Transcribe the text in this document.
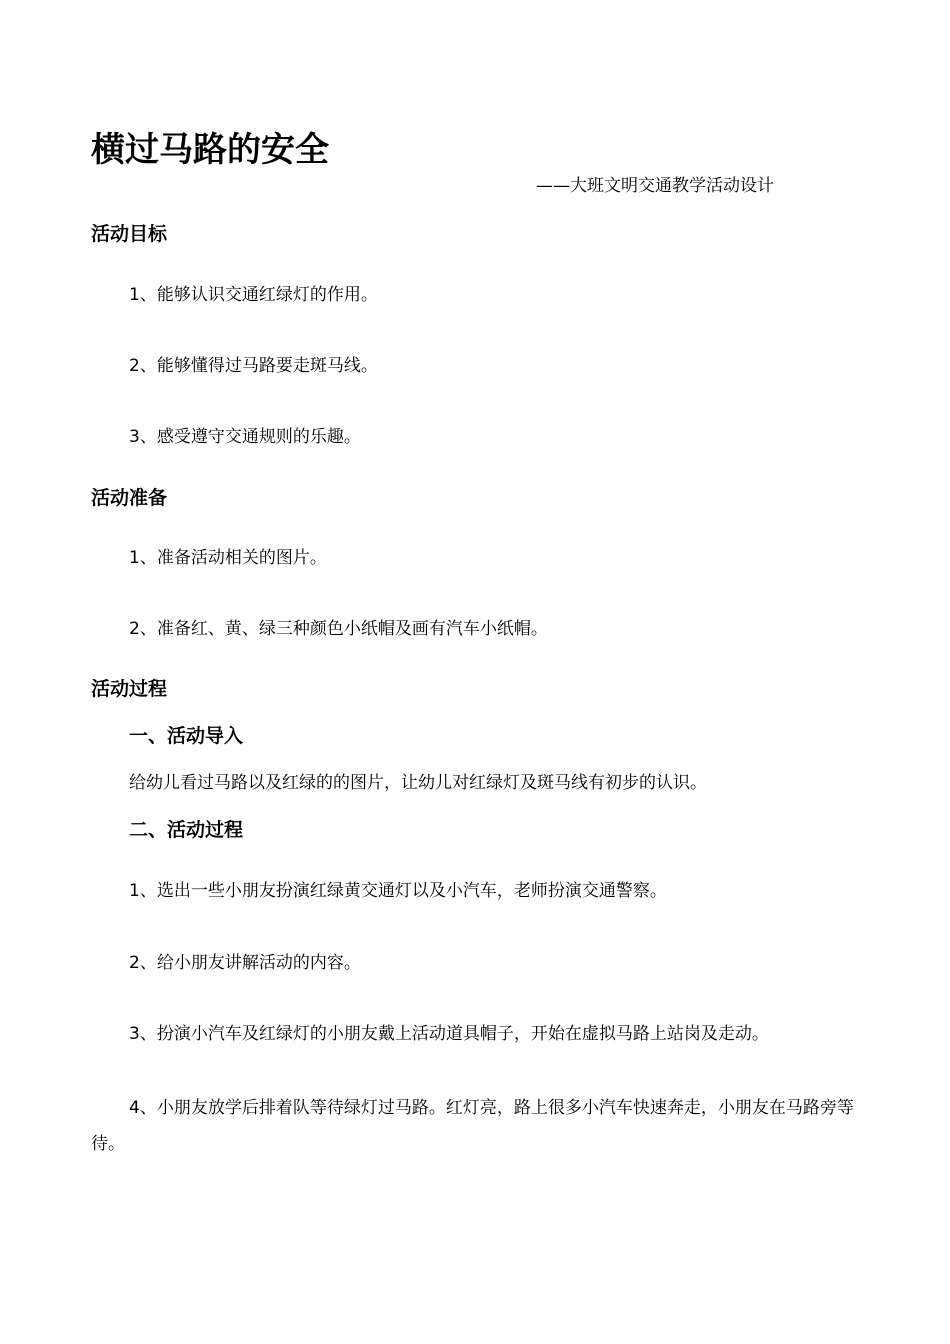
横过马路的安全
——大班文明交通教学活动设计
活动目标
1、能够认识交通红绿灯的作用。
2、能够懂得过马路要走斑马线。
3、感受遵守交通规则的乐趣。
活动准备
1、准备活动相关的图片。
2、准备红、黄、绿三种颜色小纸帽及画有汽车小纸帽。
活动过程
一、活动导入
给幼儿看过马路以及红绿的的图片，让幼儿对红绿灯及斑马线有初步的认识。
二、活动过程
1、选出一些小朋友扮演红绿黄交通灯以及小汽车，老师扮演交通警察。
2、给小朋友讲解活动的内容。
3、扮演小汽车及红绿灯的小朋友戴上活动道具帽子，开始在虚拟马路上站岗及走动。

4、小朋友放学后排着队等待绿灯过马路。红灯亮，路上很多小汽车快速奔走，小朋友在马路旁等待。
